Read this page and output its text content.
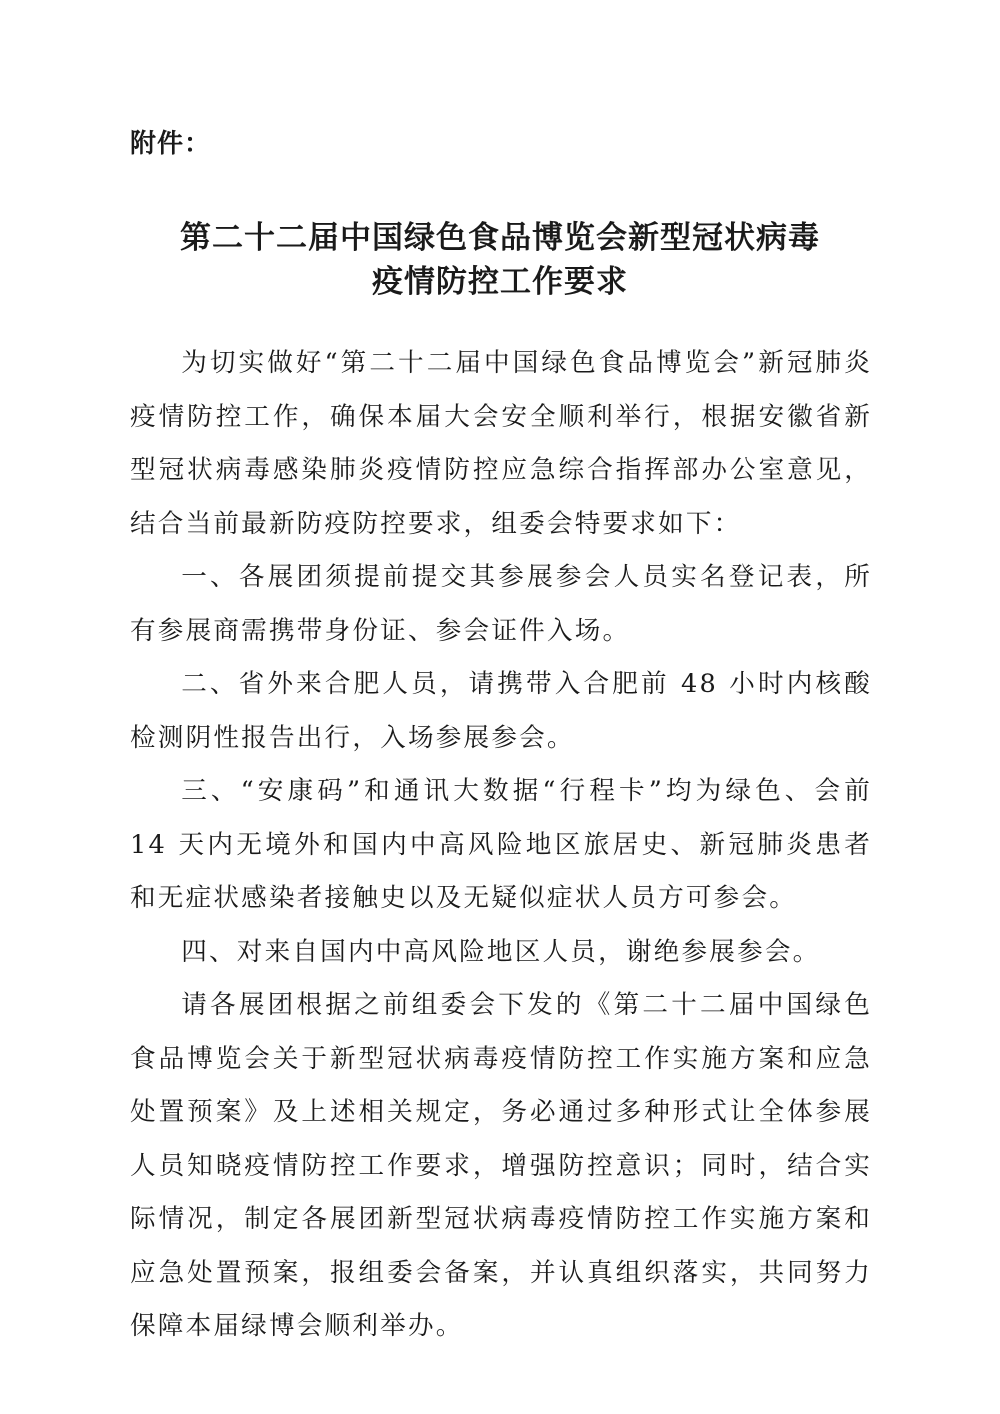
附件：
第二十二届中国绿色食品博览会新型冠状病毒
疫情防控工作要求

为切实做好“第二十二届中国绿色食品博览会”新冠肺炎疫情防控工作，确保本届大会安全顺利举行，根据安徽省新型冠状病毒感染肺炎疫情防控应急综合指挥部办公室意见，结合当前最新防疫防控要求，组委会特要求如下：

一、各展团须提前提交其参展参会人员实名登记表，所有参展商需携带身份证、参会证件入场。

二、省外来合肥人员，请携带入合肥前 48 小时内核酸检测阴性报告出行，入场参展参会。

三、“安康码”和通讯大数据“行程卡”均为绿色、会前 14 天内无境外和国内中高风险地区旅居史、新冠肺炎患者和无症状感染者接触史以及无疑似症状人员方可参会。

四、对来自国内中高风险地区人员，谢绝参展参会。

请各展团根据之前组委会下发的《第二十二届中国绿色食品博览会关于新型冠状病毒疫情防控工作实施方案和应急处置预案》及上述相关规定，务必通过多种形式让全体参展人员知晓疫情防控工作要求，增强防控意识；同时，结合实际情况，制定各展团新型冠状病毒疫情防控工作实施方案和应急处置预案，报组委会备案，并认真组织落实，共同努力保障本届绿博会顺利举办。
